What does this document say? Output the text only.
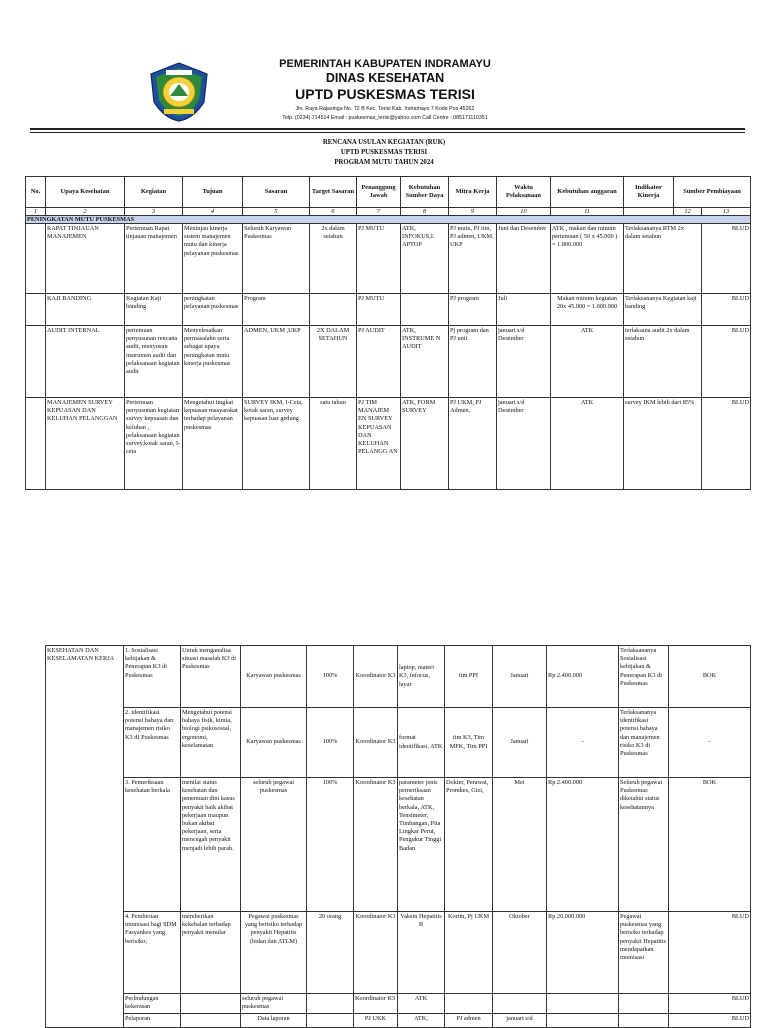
PEMERINTAH KABUPATEN INDRAMAYU
DINAS KESEHATAN
UPTD PUSKESMAS TERISI
Jln. Raya Rajasinga No. 72 B Kec. Terisi Kab. Indramayu 7 Kode Pos 45262
Telp. (0234) 714514 Email : puskesmas_terisi@yahoo.com Call Centre : 085171110351
RENCANA USULAN KEGIATAN (RUK)
UPTD PUSKESMAS TERISI
PROGRAM MUTU TAHUN 2024
No.	Upaya Kesehatan	Kegiatan	Tujuan	Sasaran	Target Sasaran	Penanggung Jawab	Kebutuhan Sumber Daya	Mitra Kerja	Waktu Pelaksanaan	Kebutuhan anggaran	Indikator Kinerja	Sumber Pembiayaan	
1	2	3	4	5	6	7	8	9	10	11		12	13
PENINGKATAN MUTU PUSKESMAS													
	RAPAT TINJAUAN MANAJEMEN	Pertemuan Rapat tinjauan manajemen	Meninjau kinerja sistem manajemen mutu dan kinerja pelayanan puskesmas	Seluruh Karyawan Puskesmas	2x dalam setahun	PJ MUTU	ATK, INFOKUS,L APTOP	PJ mutu, PJ tim, PJ admen, UKM, UKP	Juni dan Desember	ATK , makan dan minum pertemuan ( 50 x 45.000 ) = 1.800.000	Terlaksananya RTM 2x dalam setahun		BLUD
	KAJI BANDING	Kegiatan Kaji banding	peningkatan pelayanan puskesmas	Program		PJ MUTU		PJ program	Juli	Makan minum kegiatan 20x 45.000 = 1.000.000	Terlaksananya Kegiatan kaji banding		BLUD
	AUDIT INTERNAL	pertemuan penyusunan rencana audit, menyusun instrumen audit dan pelaksanaan kegiatan audit	Menyelesaikan permasalahn serta sebagai upaya peningkatan mutu kinerja puskesmas	ADMEN, UKM ,UKP	2X DALAM SETAHUN	PJ AUDIT	ATK, INSTRUME N AUDIT	Pj program dan PJ unit	januari s/d Desember	ATK	terlaksana audit 2x dalam setahun		BLUD
	MANAJEMEN SURVEY KEPUASAN DAN KELUHAN PELANGGAN	Pertemuan penyusunan kegiatan survey kepuasan dan keluhan , pelaksanaan kegiatan survey,kotak saran, I-ceta	Mengetahui tingkat kepuasan masyarakat terhadap pelayanan puskesmas	SURVEY IKM, I-Ceta, kotak saran, survey kepuasan luar gedung	satu tahun	PJ TIM MANAJEM EN SURVEY KEPUASAN DAN KELUHAN PELANGG AN	ATK, FORM SURVEY	PJ UKM, PJ Admen,	januari s/d Desember	ATK	survey IKM lebih dari 85%		BLUD
KESEHATAN DAN KESELAMATAN KERJA	1. Sosialisasi kebijakan & Penerapan K3 di Puskesmas	Untuk menganalisa situasi masalah K3 di Puskesmas	Karyawan puskesmas	100%	Koordinator K3	laptop, materi K3, infocus, layar	tim PPI	Januari	Rp 2.400.000	Terlaksananya Sosialisasi kebijakan & Penerapan K3 di Puskesmas	BOK
	2. identifikasi potensi bahaya dan manajemen risiko K3 dI Puskesmas	Mengetahui potensi bahaya fisik, kimia, biologi psikososial, ergonomi, keselamatan	Karyawan puskesmas	100%	Koordinator K3	format identifikasi, ATK	tim K3, Tim MFK, Tim PPI	Januari	-	Terlaksananya identifikasi potensi bahaya dan manajemen risiko K3 di Puskesmas	-
	3. Pemeriksaan kesehatan berkala	menilai status kesehatan dan penemuan dini kasus penyakit baik akibat pekerjaan maupun bukan akibat pekerjaan, serta mencegah penyakit menjadi lebih parah.	seluruh pegawai puskesmas	100%	Koordinator K3	parameter jenis pemeriksaan kesehatan berkala, ATK, Tensimeter, Timbangan, Pita Lingkar Perut, Pengukur Tinggi Badan	Dokter, Perawat, Promkes, Gizi,	Mei	Rp 2.400.000	Seluruh pegawai Puskesmas diketahui status kesehatannya	BOK
	4. Pemberian imunisasi bagi SDM Fasyankes yang berisiko;	memberikan kekebalan terhadap penyakit menular	Pegawai puskesmas yang berisiko terhadap penyakit Hepatitis (bidan dan ATLM)	20 orang	Koordinator K3	Vaksin Hepatitis B	Korim, Pj UKM	Oktober	Rp 20.000.000	Pegawai puskesmas yang berisiko terhadap penyakit Hepatitis mendapatkan imunisasi	BLUD
	Perlindungan kekerasan		seluruh pegawai puskesmas		Koordinator K3	ATK					BLUD
	Pelaporan		Data laporan		PJ UKK	ATK,	PJ admen	januari s/d			BLUD
